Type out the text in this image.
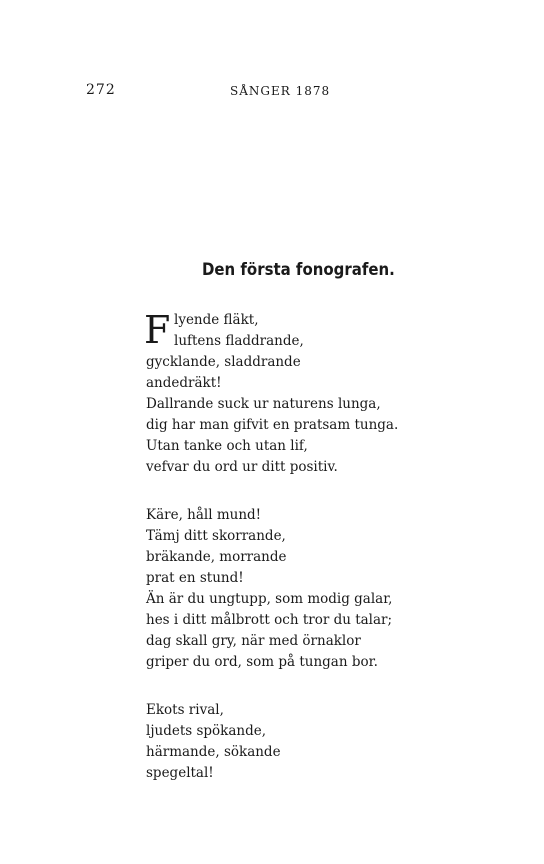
272	SÅNGER 1878
Den första fonografen.
F lyende fläkt,
luftens fladdrande,
gycklande, sladdrande
andedräkt!
Dallrande suck ur naturens lunga,
dig har man gifvit en pratsam tunga.
Utan tanke och utan lif,
vefvar du ord ur ditt positiv.
Käre, håll mund!
Tämj ditt skorrande,
bräkande, morrande
prat en stund!
Än är du ungtupp, som modig galar,
hes i ditt målbrott och tror du talar;
dag skall gry, när med örnaklor
griper du ord, som på tungan bor.
Ekots rival,
ljudets spökande,
härmande, sökande
spegeltal!
